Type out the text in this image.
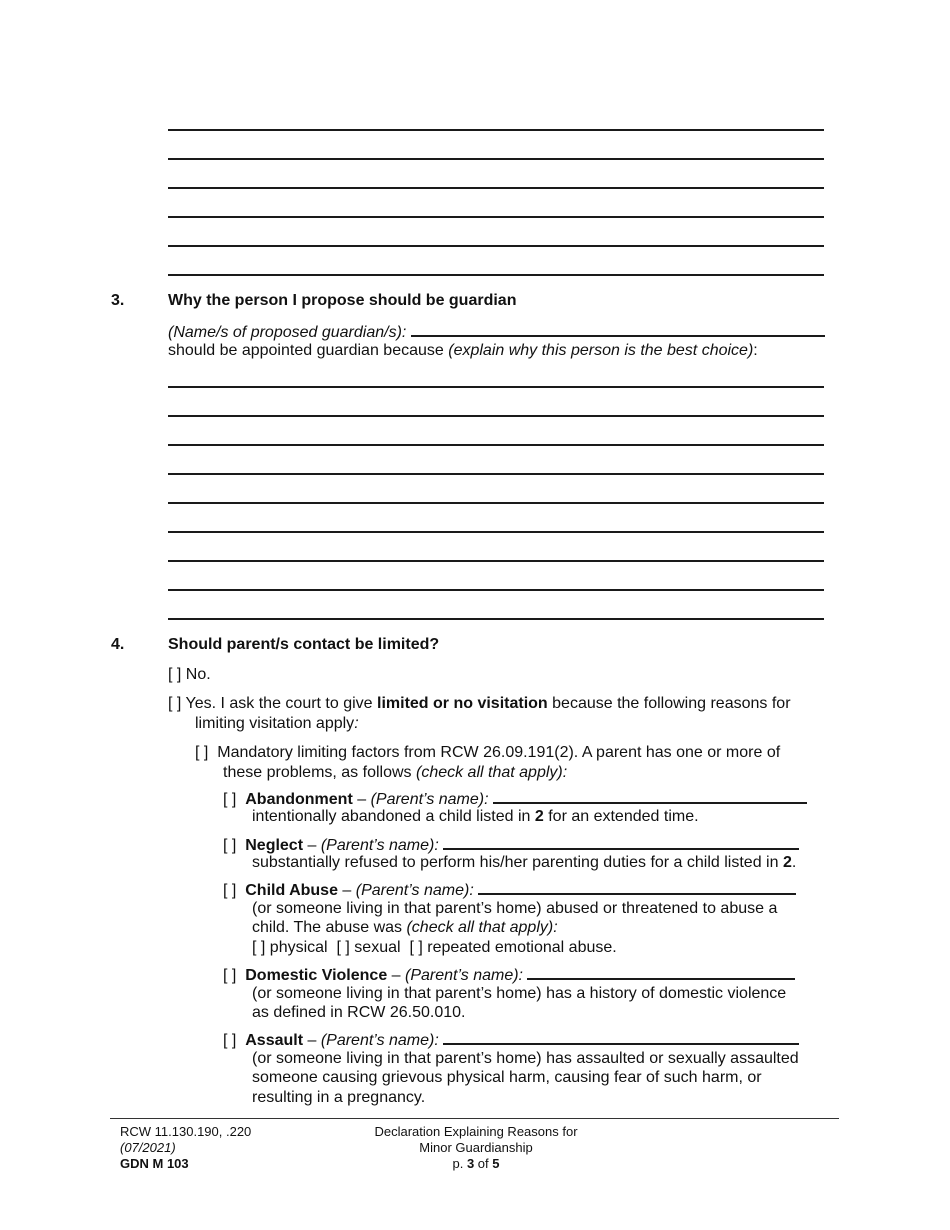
3.	Why the person I propose should be guardian
(Name/s of proposed guardian/s):
should be appointed guardian because (explain why this person is the best choice):
4.	Should parent/s contact be limited?
[ ] No.
[ ] Yes. I ask the court to give limited or no visitation because the following reasons for
limiting visitation apply:
[ ] Mandatory limiting factors from RCW 26.09.191(2). A parent has one or more of
these problems, as follows (check all that apply):
[ ] Abandonment – (Parent’s name):
intentionally abandoned a child listed in 2 for an extended time.
[ ] Neglect – (Parent’s name):
substantially refused to perform his/her parenting duties for a child listed in 2.
[ ] Child Abuse – (Parent’s name):
(or someone living in that parent’s home) abused or threatened to abuse a
child. The abuse was (check all that apply):
[ ] physical [ ] sexual [ ] repeated emotional abuse.
[ ] Domestic Violence – (Parent’s name):
(or someone living in that parent’s home) has a history of domestic violence
as defined in RCW 26.50.010.
[ ] Assault – (Parent’s name):
(or someone living in that parent’s home) has assaulted or sexually assaulted
someone causing grievous physical harm, causing fear of such harm, or
resulting in a pregnancy.
RCW 11.130.190, .220
(07/2021)
GDN M 103
Declaration Explaining Reasons for
Minor Guardianship
p. 3 of 5
